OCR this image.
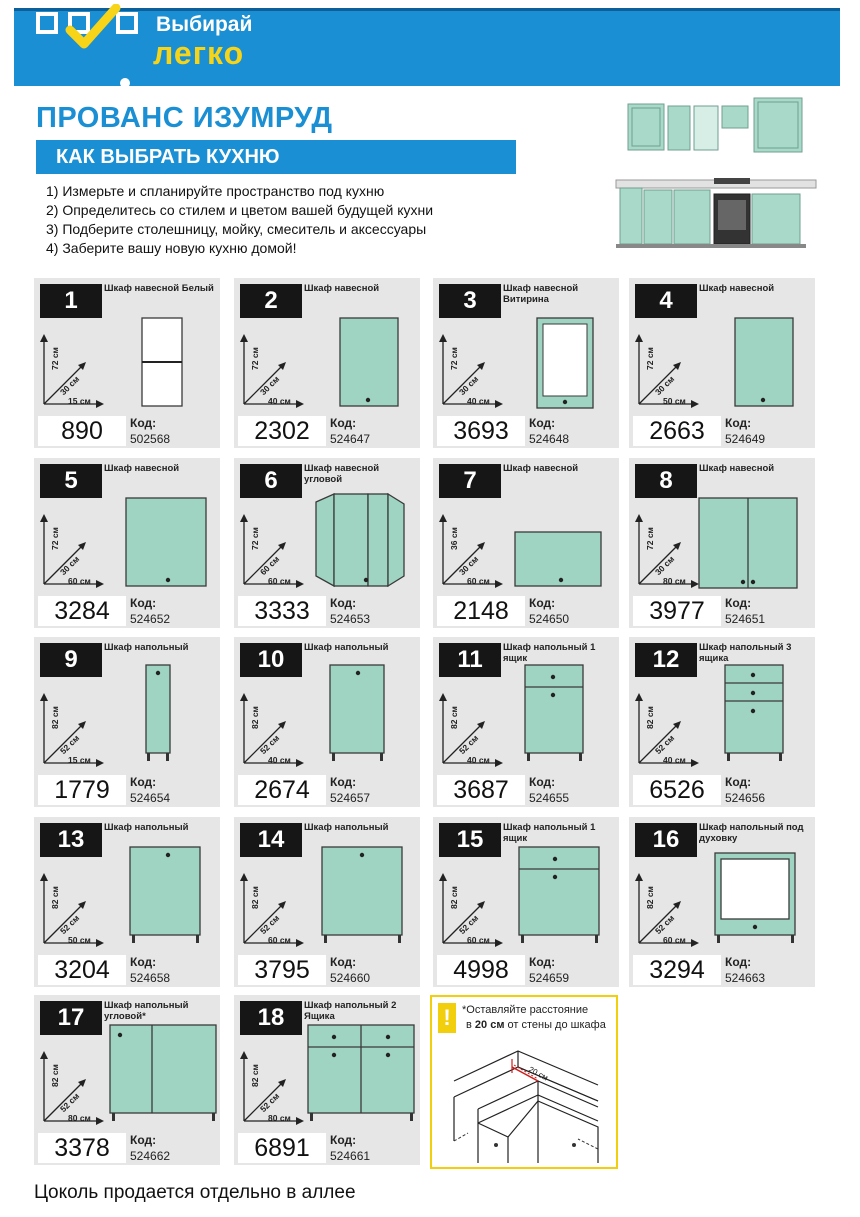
Выбирай
легко
ПРОВАНС ИЗУМРУД
КАК ВЫБРАТЬ КУХНЮ
1) Измерьте и спланируйте пространство под кухню
2) Определитесь со стилем и цветом вашей будущей кухни
3) Подберите столешницу, мойку, смеситель и аксессуары
4) Заберите вашу новую кухню домой!
1	Шкаф навесной Белый
72 см
30 см
15 см
890	Код:
502568
2	Шкаф навесной
72 см
30 см
40 см
2302	Код:
524647
3	Шкаф навесной Витирина
72 см
30 см
40 см
3693	Код:
524648
4	Шкаф навесной
72 см
30 см
50 см
2663	Код:
524649
5	Шкаф навесной
72 см
30 см
60 см
3284	Код:
524652
6	Шкаф навесной угловой
72 см
60 см
60 см
3333	Код:
524653
7	Шкаф навесной
36 см
30 см
60 см
2148	Код:
524650
8	Шкаф навесной
72 см
30 см
80 см
3977	Код:
524651
9	Шкаф напольный
82 см
52 см
15 см
1779	Код:
524654
10	Шкаф напольный
82 см
52 см
40 см
2674	Код:
524657
11	Шкаф напольный 1 ящик
82 см
52 см
40 см
3687	Код:
524655
12	Шкаф напольный 3 ящика
82 см
52 см
40 см
6526	Код:
524656
13	Шкаф напольный
82 см
52 см
50 см
3204	Код:
524658
14	Шкаф напольный
82 см
52 см
60 см
3795	Код:
524660
15	Шкаф напольный 1 ящик
82 см
52 см
60 см
4998	Код:
524659
16	Шкаф напольный под духовку
82 см
52 см
60 см
3294	Код:
524663
17	Шкаф напольный угловой*
82 см
52 см
80 см
3378	Код:
524662
18	Шкаф напольный 2 Ящика
82 см
52 см
80 см
6891	Код:
524661
!	*Оставляйте расстояние
в 20 см от стены до шкафа
20 см
Цоколь продается отдельно в аллее
